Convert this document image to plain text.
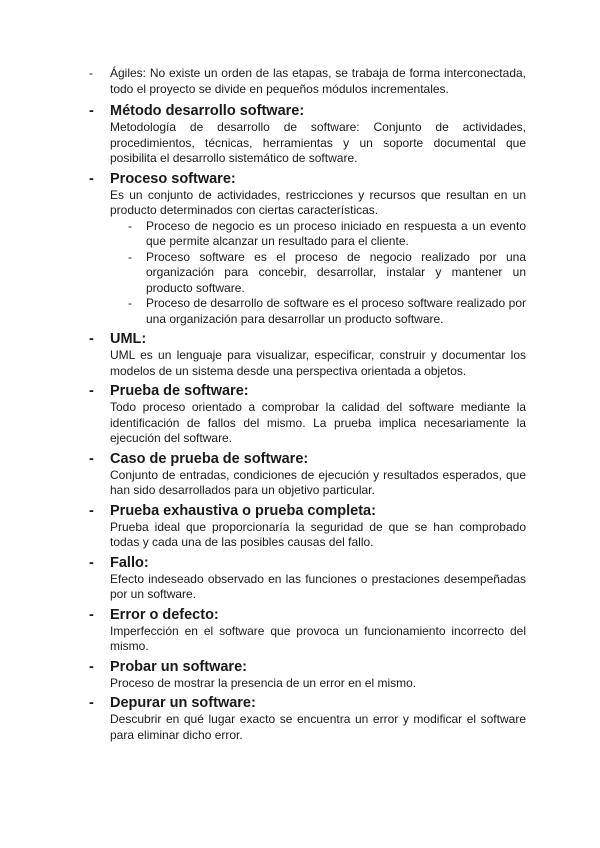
- Ágiles: No existe un orden de las etapas, se trabaja de forma interconectada, todo el proyecto se divide en pequeños módulos incrementales.

- Método desarrollo software:

Metodología de desarrollo de software: Conjunto de actividades, procedimientos, técnicas, herramientas y un soporte documental que posibilita el desarrollo sistemático de software.

- Proceso software:

Es un conjunto de actividades, restricciones y recursos que resultan en un producto determinados con ciertas características.

- Proceso de negocio es un proceso iniciado en respuesta a un evento que permite alcanzar un resultado para el cliente.

- Proceso software es el proceso de negocio realizado por una organización para concebir, desarrollar, instalar y mantener un producto software.

- Proceso de desarrollo de software es el proceso software realizado por una organización para desarrollar un producto software.

- UML:

UML es un lenguaje para visualizar, especificar, construir y documentar los modelos de un sistema desde una perspectiva orientada a objetos.

- Prueba de software:

Todo proceso orientado a comprobar la calidad del software mediante la identificación de fallos del mismo. La prueba implica necesariamente la ejecución del software.

- Caso de prueba de software:

Conjunto de entradas, condiciones de ejecución y resultados esperados, que han sido desarrollados para un objetivo particular.

- Prueba exhaustiva o prueba completa:

Prueba ideal que proporcionaría la seguridad de que se han comprobado todas y cada una de las posibles causas del fallo.

- Fallo:

Efecto indeseado observado en las funciones o prestaciones desempeñadas por un software.

- Error o defecto:

Imperfección en el software que provoca un funcionamiento incorrecto del mismo.

- Probar un software:

Proceso de mostrar la presencia de un error en el mismo.

- Depurar un software:

Descubrir en qué lugar exacto se encuentra un error y modificar el software para eliminar dicho error.
